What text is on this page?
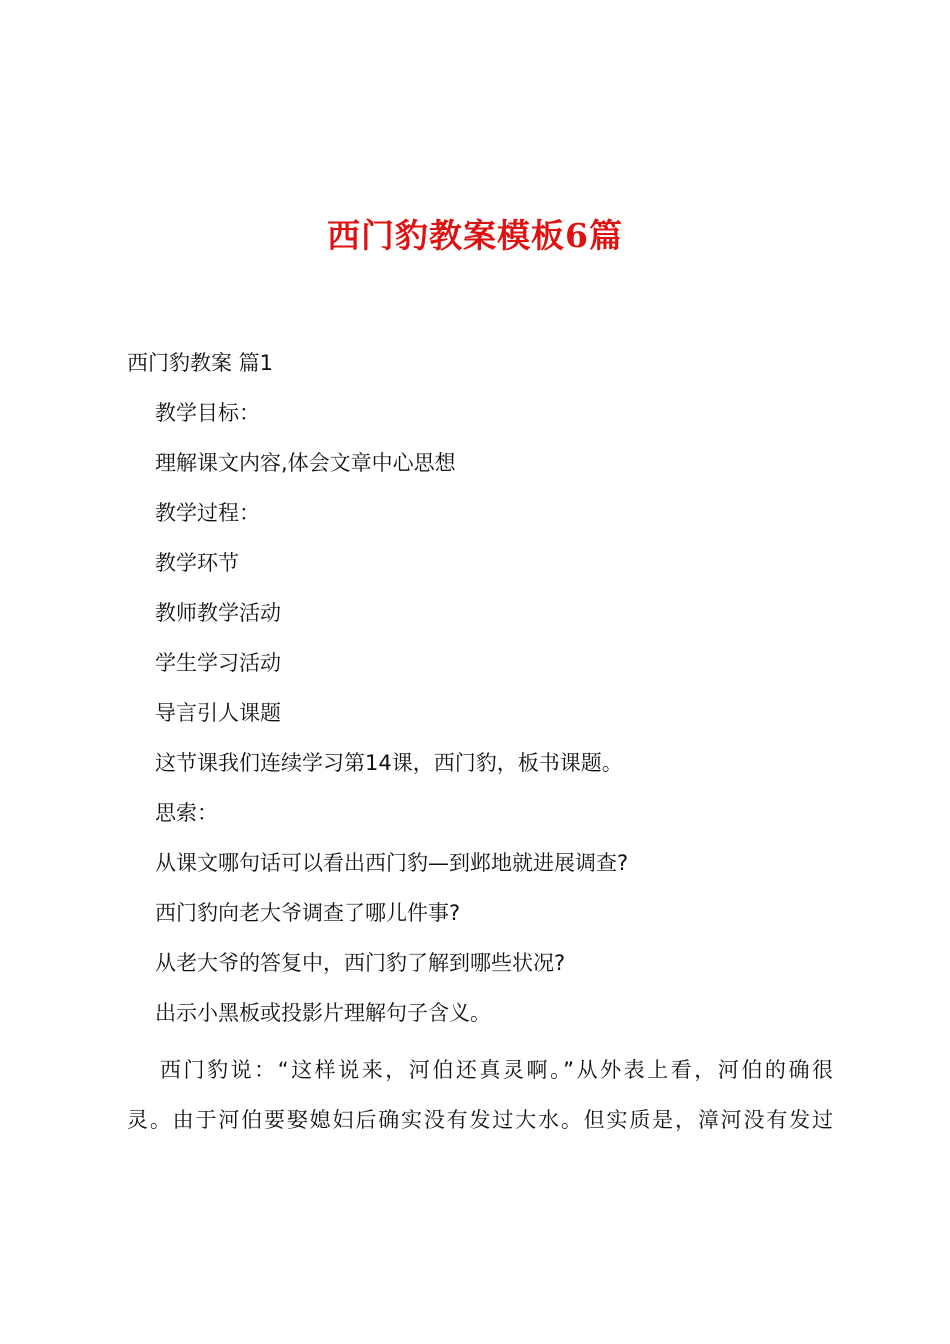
西门豹教案模板6篇
西门豹教案 篇1
教学目标：
理解课文内容,体会文章中心思想
教学过程：
教学环节
教师教学活动
学生学习活动
导言引人课题
这节课我们连续学习第14课，西门豹，板书课题。
思索：
从课文哪句话可以看出西门豹—到邺地就进展调查?
西门豹向老大爷调查了哪儿件事?
从老大爷的答复中，西门豹了解到哪些状况?
出示小黑板或投影片理解句子含义。
西门豹说：“这样说来，河伯还真灵啊。”从外表上看，河伯的确很
灵。由于河伯要娶媳妇后确实没有发过大水。但实质是，漳河没有发过
